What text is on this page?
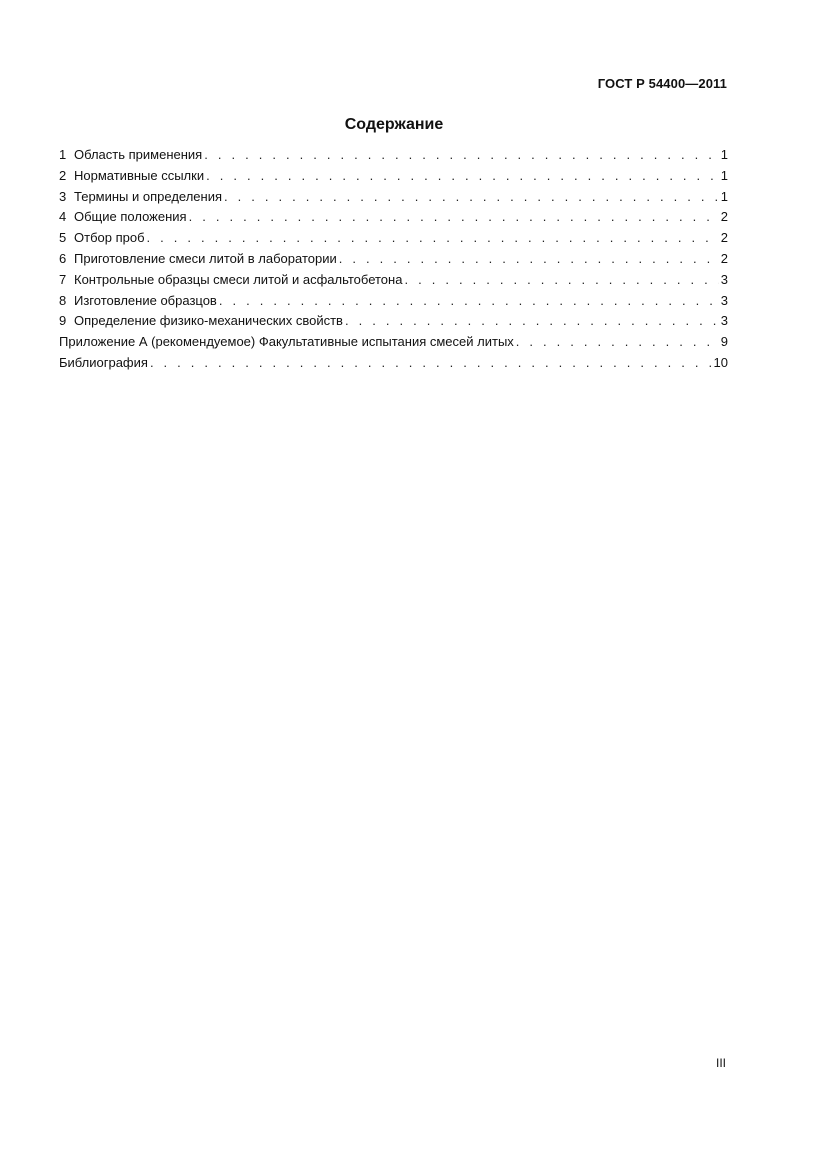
ГОСТ Р 54400—2011
Содержание
1 Область применения . . .	1
2 Нормативные ссылки . . .	1
3 Термины и определения . . .	1
4 Общие положения . . .	2
5 Отбор проб . . .	2
6 Приготовление смеси литой в лаборатории . . .	2
7 Контрольные образцы смеси литой и асфальтобетона . . .	3
8 Изготовление образцов . . .	3
9 Определение физико-механических свойств . . .	3
Приложение А (рекомендуемое) Факультативные испытания смесей литых . . .	9
Библиография . . .	10
III
